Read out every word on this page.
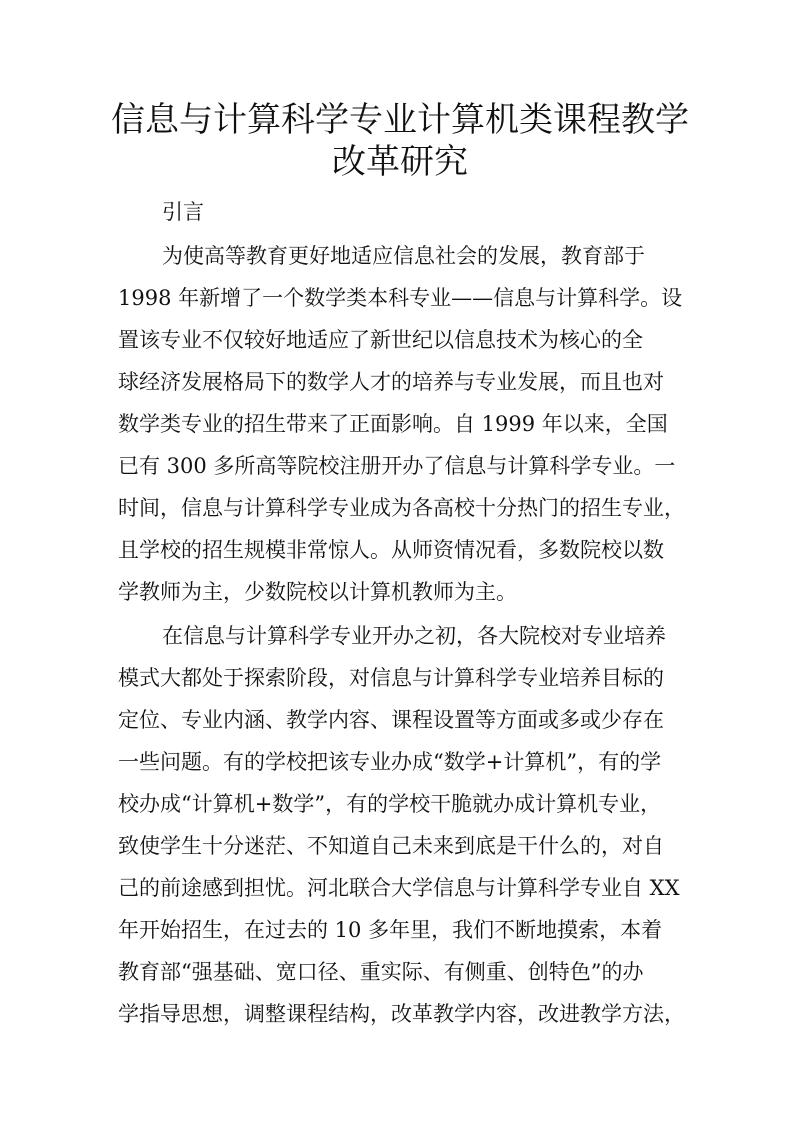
信息与计算科学专业计算机类课程教学
改革研究

引言

为使高等教育更好地适应信息社会的发展，教育部于

1998 年新增了一个数学类本科专业——信息与计算科学。设

置该专业不仅较好地适应了新世纪以信息技术为核心的全

球经济发展格局下的数学人才的培养与专业发展，而且也对

数学类专业的招生带来了正面影响。自 1999 年以来，全国

已有 300 多所高等院校注册开办了信息与计算科学专业。一

时间，信息与计算科学专业成为各高校十分热门的招生专业，

且学校的招生规模非常惊人。从师资情况看，多数院校以数

学教师为主，少数院校以计算机教师为主。

在信息与计算科学专业开办之初，各大院校对专业培养

模式大都处于探索阶段，对信息与计算科学专业培养目标的

定位、专业内涵、教学内容、课程设置等方面或多或少存在

一些问题。有的学校把该专业办成“数学+计算机”，有的学

校办成“计算机+数学”，有的学校干脆就办成计算机专业，

致使学生十分迷茫、不知道自己未来到底是干什么的，对自

己的前途感到担忧。河北联合大学信息与计算科学专业自 XX

年开始招生，在过去的 10 多年里，我们不断地摸索，本着

教育部“强基础、宽口径、重实际、有侧重、创特色”的办

学指导思想，调整课程结构，改革教学内容，改进教学方法，
